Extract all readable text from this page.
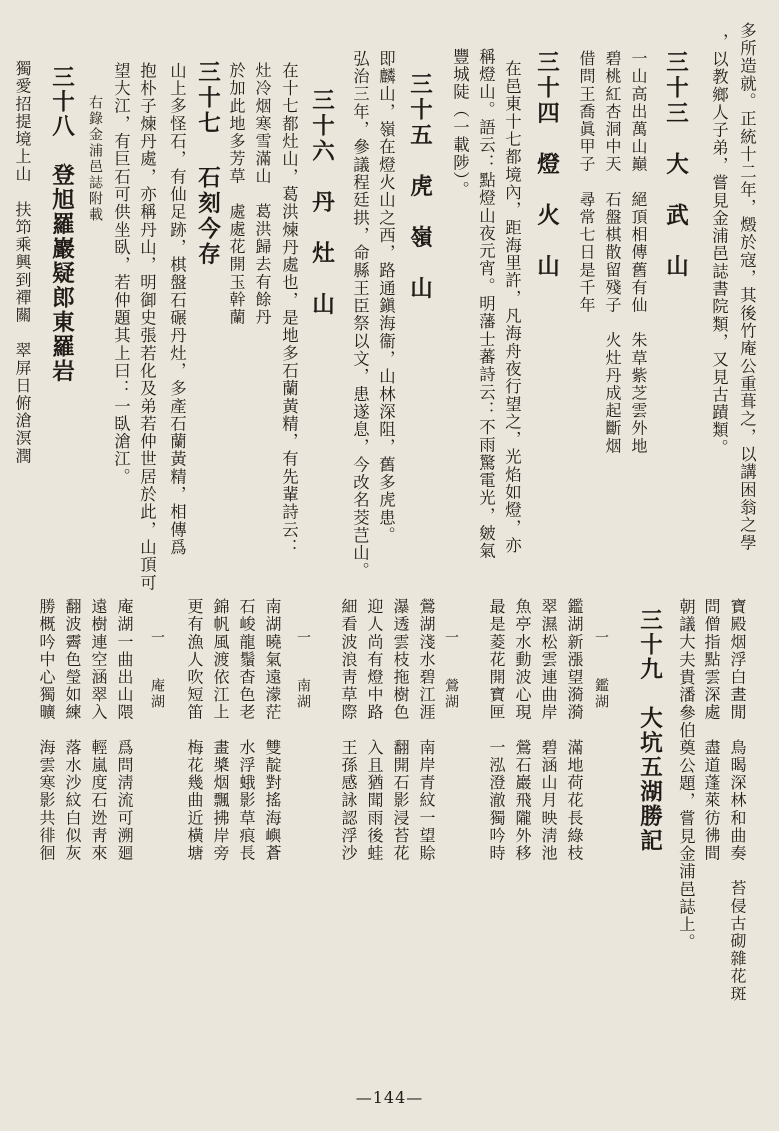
多所造就。正統十二年，燬於寇，其後竹庵公重葺之，以講困翁之學
，以教鄉人子弟，嘗見金浦邑誌書院類，又見古蹟類。
三十三　大　武　山
一山高出萬山巔　絕頂相傳舊有仙　朱草紫芝雲外地
碧桃紅杏洞中天　石盤棋散留殘子　火灶丹成起斷烟
借問王喬眞甲子　尋常七日是千年
三十四　燈　火　山
在邑東十七都境內，距海里許，凡海舟夜行望之，光焰如燈，亦
稱燈山。語云：點燈山夜元宵。明藩士蕃詩云：不雨驚電光，皴氣
豐城陡（一載陟）。
三十五　虎　嶺　山
即麟山，嶺在燈火山之西，路通鎭海衞，山林深阻，舊多虎患。
弘治三年，參議程廷拱，命縣王臣祭以文，患遂息，今改名茭芑山。
三十六　丹　灶　山
在十七都灶山，葛洪煉丹處也，是地多石蘭黃精，有先輩詩云：
灶冷烟寒雪滿山　葛洪歸去有餘丹
於加此地多芳草　處處花開玉幹蘭
三十七 石刻今存
山上多怪石，有仙足跡，棋盤石碾丹灶，多產石蘭黃精，相傳爲
抱朴子煉丹處，亦稱丹山，明御史張若化及弟若仲世居於此，山頂可
望大江，有巨石可供坐臥，若仲題其上曰：一臥滄江。
右錄金浦邑誌附載
三十八　登旭羅巖疑郎東羅岩
獨愛招提境上山　扶笻乘興到禪關　翠屏日俯滄溟潤
寶殿烟浮白晝閒　鳥暍深林和曲奏　苔侵古砌雜花斑
問僧指點雲深處　盡道蓬萊彷彿間
朝議大夫貴潘參伯奠公題，嘗見金浦邑誌上。
三十九　大坑五湖勝記
一　　鑑湖
鑑湖新漲望漪漪　滿地荷花長綠枝
翠濕松雲連曲岸　碧涵山月映淸池
魚亭水動波心現　鶯石巖飛隴外移
最是菱花開寶匣　一泓澄澈獨吟時
一　　鶯湖
鶯湖淺水碧江涯　南岸青紋一望賒
瀑透雲枝拖樹色　翻開石影浸苔花
迎人尚有燈中路　入且猶聞雨後蛙
細看波浪靑草際　王孫感詠認浮沙
一　　南湖
南湖曉氣遠濛茫　雙靛對搖海嶼蒼
石峻龍鬚杳色老　水浮蛾影草痕長
錦帆風渡依江上　畫槳烟飄拂岸旁
更有漁人吹短笛　梅花幾曲近橫塘
一　　庵湖
庵湖一曲出山隈　爲問淸流可溯廻
遠樹連空涵翠入　輕嵐度石迯靑來
翻波霽色瑩如練　落水沙紋白似灰
勝概吟中心獨曠　海雲寒影共徘徊
—144—
